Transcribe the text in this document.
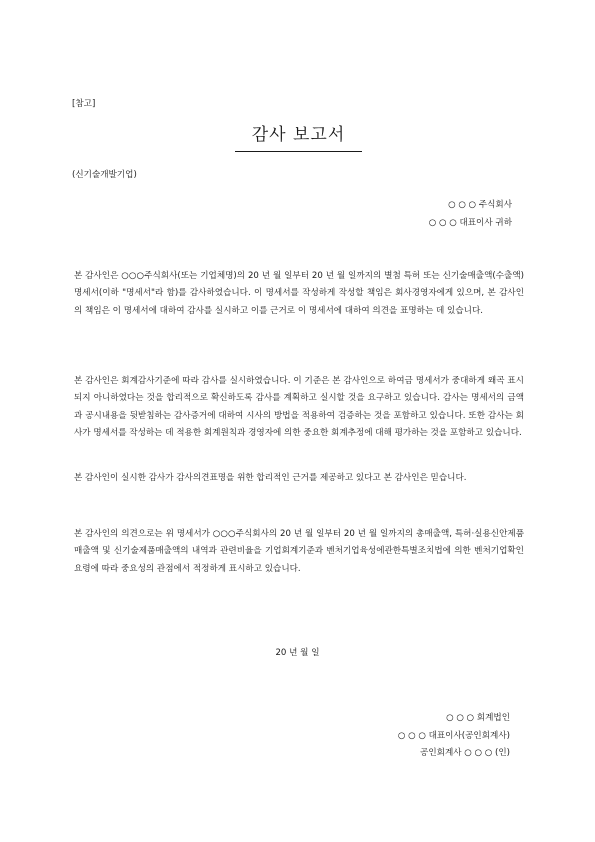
[참고]
감사 보고서
(신기술개발기업)
○ ○ ○ 주식회사
○ ○ ○ 대표이사 귀하
본 감사인은 ○○○주식회사(또는 기업체명)의 20 년 월 일부터 20 년 월 일까지의 별첨 특허 또는 신기술매출액(수출액)명세서(이하 "명세서"라 함)를 감사하였습니다. 이 명세서를 작성하게 작성할 책임은 회사경영자에게 있으며, 본 감사인의 책임은 이 명세서에 대하여 감사를 실시하고 이를 근거로 이 명세서에 대하여 의견을 표명하는 데 있습니다.
본 감사인은 회계감사기준에 따라 감사를 실시하였습니다. 이 기준은 본 감사인으로 하여금 명세서가 중대하게 왜곡 표시되지 아니하였다는 것을 합리적으로 확신하도록 감사를 계획하고 실시할 것을 요구하고 있습니다. 감사는 명세서의 금액과 공시내용을 뒷받침하는 감사증거에 대하여 시사의 방법을 적용하여 검증하는 것을 포함하고 있습니다. 또한 감사는 회사가 명세서를 작성하는 데 적용한 회계원칙과 경영자에 의한 중요한 회계추정에 대해 평가하는 것을 포함하고 있습니다.
본 감사인이 실시한 감사가 감사의견표명을 위한 합리적인 근거를 제공하고 있다고 본 감사인은 믿습니다.
본 감사인의 의견으로는 위 명세서가 ○○○주식회사의 20 년 월 일부터 20 년 월 일까지의 총매출액, 특허·실용신안제품매출액 및 신기술제품매출액의 내역과 관련비율을 기업회계기준과 벤처기업육성에관한특별조치법에 의한 벤처기업확인요령에 따라 중요성의 관점에서 적정하게 표시하고 있습니다.
20 년 월 일
○ ○ ○ 회계법인
○ ○ ○ 대표이사(공인회계사)
공인회계사 ○ ○ ○ (인)
